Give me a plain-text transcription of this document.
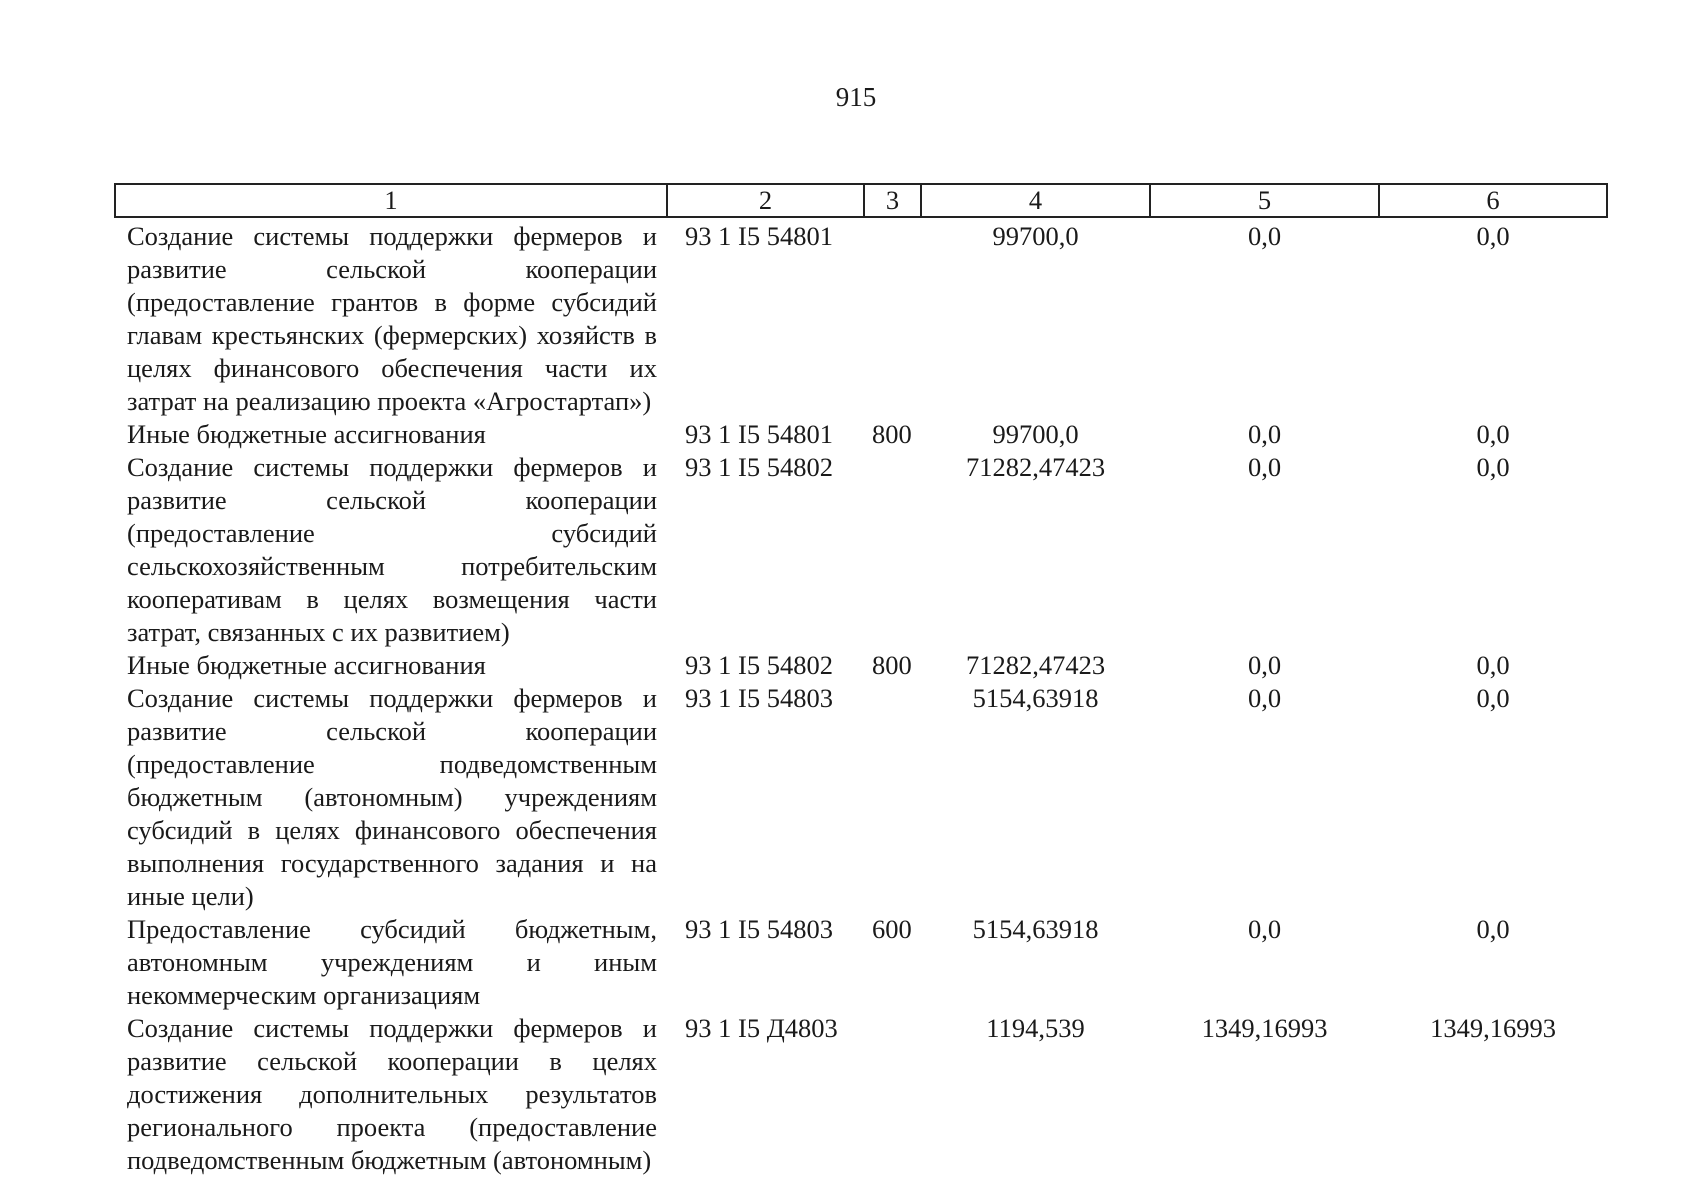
915
1	2	3	4	5	6
Создание системы поддержки фермеров и развитие сельской кооперации (предоставление грантов в форме субсидий главам крестьянских (фермерских) хозяйств в целях финансового обеспечения части их затрат на реализацию проекта «Агростартап»)	93 1 I5 54801		99700,0	0,0	0,0
Иные бюджетные ассигнования	93 1 I5 54801	800	99700,0	0,0	0,0
Создание системы поддержки фермеров и развитие сельской кооперации (предоставление субсидий сельскохозяйственным потребительским кооперативам в целях возмещения части затрат, связанных с их развитием)	93 1 I5 54802		71282,47423	0,0	0,0
Иные бюджетные ассигнования	93 1 I5 54802	800	71282,47423	0,0	0,0
Создание системы поддержки фермеров и развитие сельской кооперации (предоставление подведомственным бюджетным (автономным) учреждениям субсидий в целях финансового обеспечения выполнения государственного задания и на иные цели)	93 1 I5 54803		5154,63918	0,0	0,0
Предоставление субсидий бюджетным, автономным учреждениям и иным некоммерческим организациям	93 1 I5 54803	600	5154,63918	0,0	0,0
Создание системы поддержки фермеров и развитие сельской кооперации в целях достижения дополнительных результатов регионального проекта (предоставление подведомственным бюджетным (автономным)	93 1 I5 Д4803		1194,539	1349,16993	1349,16993
